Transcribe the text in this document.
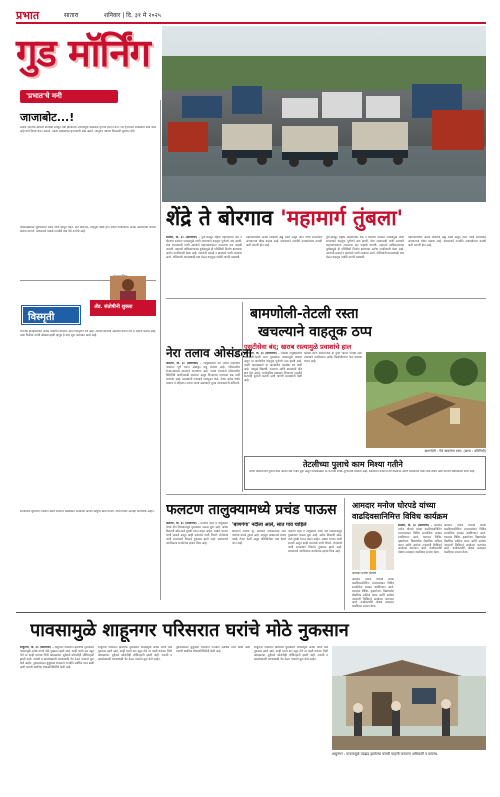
प्रभात	सातारा	शनिवार | दि. ३१ मे २०२५
गुड मॉर्निंग
'प्रभात'चे मनी
जाजाबोट...!
प्रत्येक भारतीय आपली दिनचर्या संपवून रात्री झोपायला जाण्यापूर्वी सकाळचे वृत्तपत्र हातात घेतो. त्या वृत्तपत्रात सकाळीच काय काय आहे याचे विचार करत असतो. त्याला सकाळच्या वृत्तपत्राची ओढ असते. त्यातूनच त्याच्या दिवसाची सुरुवात होते.
पावसाळ्याच्या सुरुवातीला सर्वत्र पाणी साचून राहते. रस्ते खचतात, वाहतूक कोंडी होते आणि नागरिकांना अनेक अडचणींचा सामना करावा लागतो. प्रशासनाने याकडे तातडीने लक्ष देणे गरजेचे आहे.
विस्मृती
ॲड. संतोषीनी शुक्ला
भारतीय इतिहासातील अनेक व्यक्तींचे योगदान आज विस्मृतीत गेले आहे. त्यांच्या कार्याची आठवण करून देणे हे आपले कर्तव्य आहे. नव्या पिढीला त्यांची ओळख व्हावी म्हणून हे सदर सुरू करण्यात आले आहे.
सामाजिक सुधारणा, शिक्षण आणि स्वातंत्र्य चळवळीत अनेकांनी आपले आयुष्य खर्ची घातले. त्यांचे विचार आजही मार्गदर्शक आहेत.
शेंद्रे ते बोरगाव 'महामार्ग तुंबला'
सातारा, दि. ३० (प्रतिनिधी) - पुणे-बंगळूर राष्ट्रीय महामार्गावर शेंद्रे ते बोरगाव दरम्यान पावसामुळे पाणी साचल्याने वाहतूक पूर्णपणे ठप्प झाली. सेवा रस्त्यांवरही पाणी आल्याने वाहनचालकांना तासन्तास वाट पाहावी लागली. महामार्ग प्राधिकरणाच्या दुर्लक्षामुळे ही परिस्थिती निर्माण झाल्याचा आरोप नागरिकांनी केला आहे. गटारांची सफाई न झाल्याने पाणी रस्त्यावर आले. पोलिसांनी घटनास्थळी धाव घेऊन वाहतूक पर्यायी मार्गाने वळवली.
महामार्गावरील अनेक ठिकाणी खड्डे पडले असून त्यात पाणी साचल्याने अपघाताचा धोका वाढला आहे. प्रशासनाने तातडीने उपाययोजना करावी अशी मागणी होत आहे.
पुणे-बंगळूर राष्ट्रीय महामार्गावर शेंद्रे ते बोरगाव दरम्यान पावसामुळे पाणी साचल्याने वाहतूक पूर्णपणे ठप्प झाली. सेवा रस्त्यांवरही पाणी आल्याने वाहनचालकांना तासन्तास वाट पाहावी लागली. महामार्ग प्राधिकरणाच्या दुर्लक्षामुळे ही परिस्थिती निर्माण झाल्याचा आरोप नागरिकांनी केला आहे. गटारांची सफाई न झाल्याने पाणी रस्त्यावर आले. पोलिसांनी घटनास्थळी धाव घेऊन वाहतूक पर्यायी मार्गाने वळवली.
महामार्गावरील अनेक ठिकाणी खड्डे पडले असून त्यात पाणी साचल्याने अपघाताचा धोका वाढला आहे. प्रशासनाने तातडीने उपाययोजना करावी अशी मागणी होत आहे.
बामणोली-तेटली रस्ता
खचल्याने वाहतूक ठप्प
एसटीसेवा बंद; खराब रस्त्यामुळे प्रवाशांचे हाल
बामणोली, दि. ३० (प्रतिनिधी) - जावळी तालुक्यातील बामणोली-तेटली रस्ता मुसळधार पावसामुळे खचला असून या मार्गावरील वाहतूक पूर्णपणे ठप्प झाली आहे. एसटी महामंडळाने या मार्गावरील बससेवा बंद केली आहे. त्यामुळे विद्यार्थी, कामगार आणि ग्रामस्थांचे मोठे हाल होत आहेत. सार्वजनिक बांधकाम विभागाने तातडीने रस्त्याची दुरुस्ती करावी अशी मागणी ग्रामस्थांनी केली आहे.
कोयना धरण परिसरातील या दुर्गम भागात पर्यायी रस्ता नसल्याने नागरिकांना अनेक किलोमीटरचा फेरा घालावा लागत आहे.
बामणोली : येथे खचलेला रस्ता. (छाया : प्रतिनिधी)
तेटलीच्या पुलाचे काम मिश्या गतीने
तेटली परिसरातील पुलाचे काम अत्यंत संथ गतीने सुरू असून पावसाळ्यात या भागाचा संपर्क तुटण्याची शक्यता आहे. ठेकेदाराने कामाचा वेग वाढवावा आणि प्रशासनाने यावर लक्ष ठेवावे अशी मागणी स्थानिकांनी केली आहे.
नेरा तलाव ओसंडला
फलटण, दि. ३० (प्रतिनिधी) - तालुक्यातील नेरा तलाव पहिल्याच पावसात पूर्ण भरून ओसंडून वाहू लागला आहे. परिसरातील शेतकऱ्यांमध्ये आनंदाचे वातावरण आहे. तलाव भरल्याने परिसरातील विहिरींची पाणीपातळी वाढणार असून पिण्याच्या पाण्याचा प्रश्न मार्गी लागणार आहे. ग्रामस्थांनी तलावाचे जलपूजन केले. गेल्या अनेक वर्षांत प्रथमच मे महिन्यात तलाव भरला असल्याचे जुन्या जाणकारांनी सांगितले.
फलटण तालुक्यामध्ये प्रचंड पाऊस
फलटण, दि. ३० (प्रतिनिधी) - फलटण शहर व तालुक्यात गेल्या दोन दिवसांपासून मुसळधार पाऊस सुरू आहे. अनेक ठिकाणी ओढे-नाले दुथडी भरून वाहत आहेत. सखल भागात पाणी साचले असून काही घरांमध्ये पाणी शिरले. शेतांमध्ये पाणी साचल्याने पिकांचे नुकसान झाले आहे. प्रशासनाने नागरिकांना सतर्कतेचा इशारा दिला आहे.
'बाणगंगा' नदीला आले, सात गाव चाहिले
बाणगंगा नदीला पूर आल्याने नदीकाठच्या सात गावांचा संपर्क तुटला आहे. महसूल प्रशासनाने बचाव पथके तैनात केली असून परिस्थितीवर लक्ष ठेवले जात आहे.
फलटण शहर व तालुक्यात गेल्या दोन दिवसांपासून मुसळधार पाऊस सुरू आहे. अनेक ठिकाणी ओढे-नाले दुथडी भरून वाहत आहेत. सखल भागात पाणी साचले असून काही घरांमध्ये पाणी शिरले. शेतांमध्ये पाणी साचल्याने पिकांचे नुकसान झाले आहे. प्रशासनाने नागरिकांना सतर्कतेचा इशारा दिला आहे.
आमदार मनोज घोरपडे यांच्या
वाढदिवसानिमित्त विविध कार्यक्रम
आमदार मनोज घोरपडे
सातारा, दि. ३० (प्रतिनिधी) - आमदार मनोज घोरपडे यांच्या वाढदिवसानिमित्त मतदारसंघात विविध सामाजिक उपक्रम राबविण्यात आले. रक्तदान शिबिर, वृक्षारोपण, विद्यार्थ्यांना शैक्षणिक साहित्य वाटप आणि आरोग्य तपासणी शिबिराचे आयोजन करण्यात आले. कार्यकर्त्यांनी मोठ्या उत्साहात वाढदिवस साजरा केला.
आमदार मनोज घोरपडे यांच्या वाढदिवसानिमित्त मतदारसंघात विविध सामाजिक उपक्रम राबविण्यात आले. रक्तदान शिबिर, वृक्षारोपण, विद्यार्थ्यांना शैक्षणिक साहित्य वाटप आणि आरोग्य तपासणी शिबिराचे आयोजन करण्यात आले. कार्यकर्त्यांनी मोठ्या उत्साहात वाढदिवस साजरा केला.
आमदार मनोज घोरपडे यांच्या वाढदिवसानिमित्त मतदारसंघात विविध सामाजिक उपक्रम राबविण्यात आले. रक्तदान शिबिर, वृक्षारोपण, विद्यार्थ्यांना शैक्षणिक साहित्य वाटप आणि आरोग्य तपासणी शिबिराचे आयोजन करण्यात आले. कार्यकर्त्यांनी मोठ्या उत्साहात वाढदिवस साजरा केला.
पावसामुळे शाहूनगर परिसरात घरांचे मोठे नुकसान
शाहूनगर, दि. ३० (प्रतिनिधी) - शाहूनगर परिसरात झालेल्या मुसळधार पावसामुळे अनेक घरांचे मोठे नुकसान झाले आहे. काही घरांचे छत उडून गेले तर काही घरांच्या भिंती कोसळल्या. सुदैवाने कोणतीही जीवितहानी झाली नाही. तलाठी व ग्रामसेवकांनी घटनास्थळी भेट देऊन पंचनामे सुरू केले आहेत. नुकसानग्रस्त कुटुंबांना शासनाने तातडीने आर्थिक मदत द्यावी अशी मागणी स्थानिक लोकप्रतिनिधींनी केली आहे.
शाहूनगर परिसरात झालेल्या मुसळधार पावसामुळे अनेक घरांचे मोठे नुकसान झाले आहे. काही घरांचे छत उडून गेले तर काही घरांच्या भिंती कोसळल्या. सुदैवाने कोणतीही जीवितहानी झाली नाही. तलाठी व ग्रामसेवकांनी घटनास्थळी भेट देऊन पंचनामे सुरू केले आहेत.
नुकसानग्रस्त कुटुंबांना शासनाने तातडीने आर्थिक मदत द्यावी अशी मागणी स्थानिक लोकप्रतिनिधींनी केली आहे.
शाहूनगर परिसरात झालेल्या मुसळधार पावसामुळे अनेक घरांचे मोठे नुकसान झाले आहे. काही घरांचे छत उडून गेले तर काही घरांच्या भिंती कोसळल्या. सुदैवाने कोणतीही जीवितहानी झाली नाही. तलाठी व ग्रामसेवकांनी घटनास्थळी भेट देऊन पंचनामे सुरू केले आहेत.
शाहूनगर : पावसामुळे पडझड झालेल्या घराची पाहणी करताना अधिकारी व ग्रामस्थ.
